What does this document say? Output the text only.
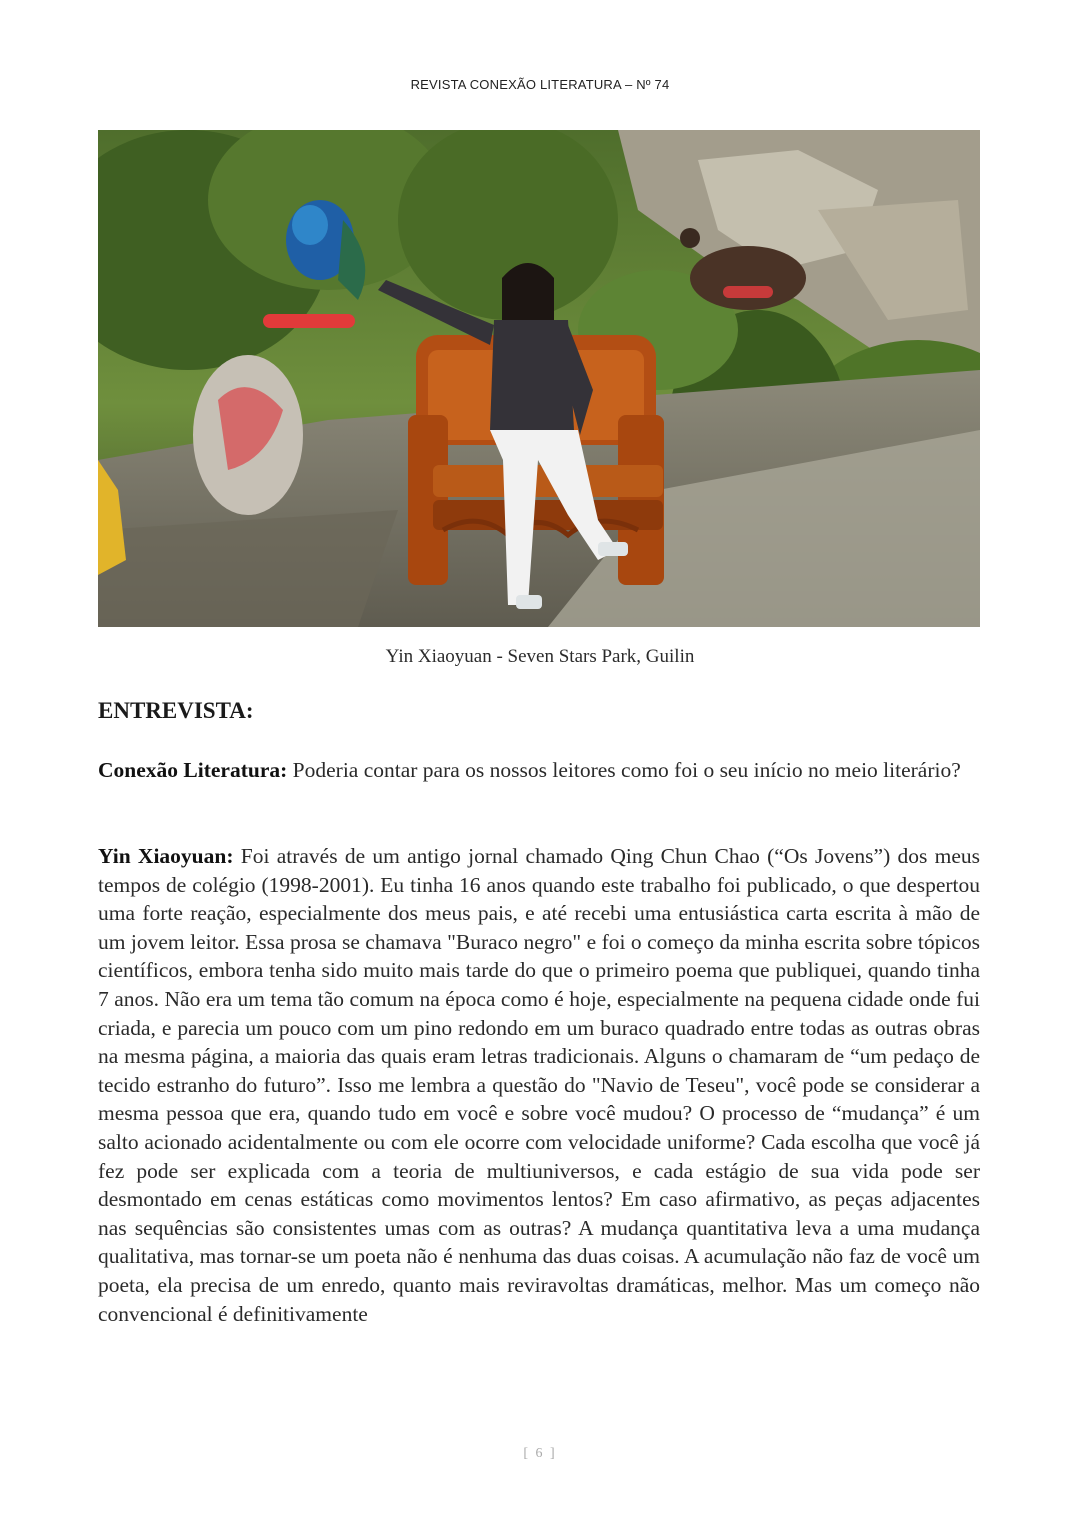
REVISTA CONEXÃO LITERATURA – Nº 74
Yin Xiaoyuan - Seven Stars Park, Guilin
ENTREVISTA:

Conexão Literatura: Poderia contar para os nossos leitores como foi o seu início no meio literário?

Yin Xiaoyuan: Foi através de um antigo jornal chamado Qing Chun Chao (“Os Jovens”) dos meus tempos de colégio (1998-2001). Eu tinha 16 anos quando este trabalho foi publicado, o que despertou uma forte reação, especialmente dos meus pais, e até recebi uma entusiástica carta escrita à mão de um jovem leitor. Essa prosa se chamava "Buraco negro" e foi o começo da minha escrita sobre tópicos científicos, embora tenha sido muito mais tarde do que o primeiro poema que publiquei, quando tinha 7 anos. Não era um tema tão comum na época como é hoje, especialmente na pequena cidade onde fui criada, e parecia um pouco com um pino redondo em um buraco quadrado entre todas as outras obras na mesma página, a maioria das quais eram letras tradicionais. Alguns o chamaram de “um pedaço de tecido estranho do futuro”. Isso me lembra a questão do "Navio de Teseu", você pode se considerar a mesma pessoa que era, quando tudo em você e sobre você mudou? O processo de “mudança” é um salto acionado acidentalmente ou com ele ocorre com velocidade uniforme? Cada escolha que você já fez pode ser explicada com a teoria de multiuniversos, e cada estágio de sua vida pode ser desmontado em cenas estáticas como movimentos lentos? Em caso afirmativo, as peças adjacentes nas sequências são consistentes umas com as outras? A mudança quantitativa leva a uma mudança qualitativa, mas tornar-se um poeta não é nenhuma das duas coisas. A acumulação não faz de você um poeta, ela precisa de um enredo, quanto mais reviravoltas dramáticas, melhor. Mas um começo não convencional é definitivamente

[ 6 ]
